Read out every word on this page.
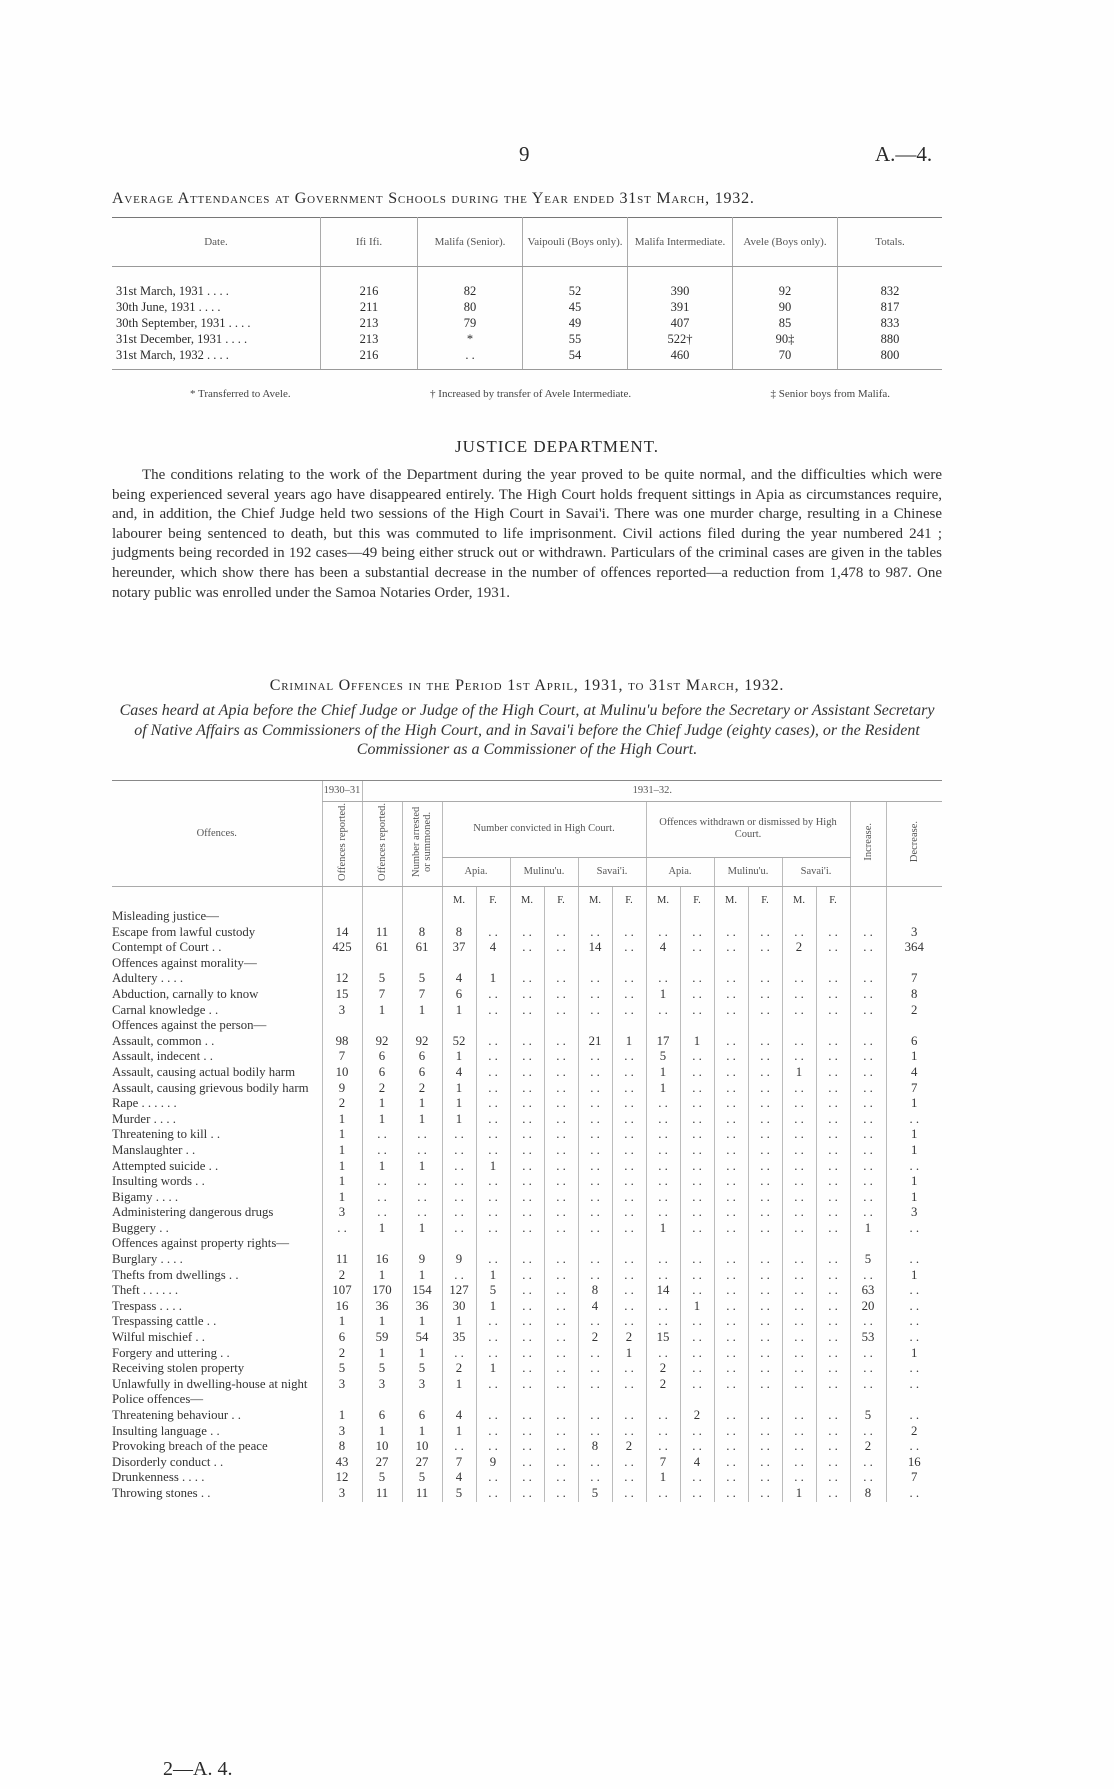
9	A.—4.
Average Attendances at Government Schools during the Year ended 31st March, 1932.
Date.	Ifi Ifi.	Malifa (Senior).	Vaipouli (Boys only).	Malifa Intermediate.	Avele (Boys only).	Totals.
31st March, 1931 . . . .	216	82	52	390	92	832
30th June, 1931 . . . .	211	80	45	391	90	817
30th September, 1931 . . . .	213	79	49	407	85	833
31st December, 1931 . . . .	213	*	55	522†	90‡	880
31st March, 1932 . . . .	216	. .	54	460	70	800
* Transferred to Avele.	† Increased by transfer of Avele Intermediate.	‡ Senior boys from Malifa.
JUSTICE DEPARTMENT.
The conditions relating to the work of the Department during the year proved to be quite normal, and the difficulties which were being experienced several years ago have disappeared entirely. The High Court holds frequent sittings in Apia as circumstances require, and, in addition, the Chief Judge held two sessions of the High Court in Savai'i. There was one murder charge, resulting in a Chinese labourer being sentenced to death, but this was commuted to life imprisonment. Civil actions filed during the year numbered 241 ; judgments being recorded in 192 cases—49 being either struck out or withdrawn. Particulars of the criminal cases are given in the tables hereunder, which show there has been a substantial decrease in the number of offences reported—a reduction from 1,478 to 987. One notary public was enrolled under the Samoa Notaries Order, 1931.
Criminal Offences in the Period 1st April, 1931, to 31st March, 1932.
Cases heard at Apia before the Chief Judge or Judge of the High Court, at Mulinu'u before the Secretary or Assistant Secretary of Native Affairs as Commissioners of the High Court, and in Savai'i before the Chief Judge (eighty cases), or the Resident Commissioner as a Commissioner of the High Court.
Offences.	1930–31	1931–32.															
	Offences reported.	Offences reported.	Number arrested or summoned.	Number convicted in High Court.						Offences withdrawn or dismissed by High Court.						Increase.	Decrease.
				Apia.		Mulinu'u.		Savai'i.		Apia.		Mulinu'u.		Savai'i.			
				M.	F.	M.	F.	M.	F.	M.	F.	M.	F.	M.	F.		
Misleading justice—																	
Escape from lawful custody	14	11	8	8	. .	. .	. .	. .	. .	. .	. .	. .	. .	. .	. .	. .	3
Contempt of Court . .	425	61	61	37	4	. .	. .	14	. .	4	. .	. .	. .	2	. .	. .	364
Offences against morality—																	
Adultery . . . .	12	5	5	4	1	. .	. .	. .	. .	. .	. .	. .	. .	. .	. .	. .	7
Abduction, carnally to know	15	7	7	6	. .	. .	. .	. .	. .	1	. .	. .	. .	. .	. .	. .	8
Carnal knowledge . .	3	1	1	1	. .	. .	. .	. .	. .	. .	. .	. .	. .	. .	. .	. .	2
Offences against the person—																	
Assault, common . .	98	92	92	52	. .	. .	. .	21	1	17	1	. .	. .	. .	. .	. .	6
Assault, indecent . .	7	6	6	1	. .	. .	. .	. .	. .	5	. .	. .	. .	. .	. .	. .	1
Assault, causing actual bodily harm	10	6	6	4	. .	. .	. .	. .	. .	1	. .	. .	. .	1	. .	. .	4
Assault, causing grievous bodily harm	9	2	2	1	. .	. .	. .	. .	. .	1	. .	. .	. .	. .	. .	. .	7
Rape . . . . . .	2	1	1	1	. .	. .	. .	. .	. .	. .	. .	. .	. .	. .	. .	. .	1
Murder . . . .	1	1	1	1	. .	. .	. .	. .	. .	. .	. .	. .	. .	. .	. .	. .	. .
Threatening to kill . .	1	. .	. .	. .	. .	. .	. .	. .	. .	. .	. .	. .	. .	. .	. .	. .	1
Manslaughter . .	1	. .	. .	. .	. .	. .	. .	. .	. .	. .	. .	. .	. .	. .	. .	. .	1
Attempted suicide . .	1	1	1	. .	1	. .	. .	. .	. .	. .	. .	. .	. .	. .	. .	. .	. .
Insulting words . .	1	. .	. .	. .	. .	. .	. .	. .	. .	. .	. .	. .	. .	. .	. .	. .	1
Bigamy . . . .	1	. .	. .	. .	. .	. .	. .	. .	. .	. .	. .	. .	. .	. .	. .	. .	1
Administering dangerous drugs	3	. .	. .	. .	. .	. .	. .	. .	. .	. .	. .	. .	. .	. .	. .	. .	3
Buggery . .	. .	1	1	. .	. .	. .	. .	. .	. .	1	. .	. .	. .	. .	. .	1	. .
Offences against property rights—																	
Burglary . . . .	11	16	9	9	. .	. .	. .	. .	. .	. .	. .	. .	. .	. .	. .	5	. .
Thefts from dwellings . .	2	1	1	. .	1	. .	. .	. .	. .	. .	. .	. .	. .	. .	. .	. .	1
Theft . . . . . .	107	170	154	127	5	. .	. .	8	. .	14	. .	. .	. .	. .	. .	63	. .
Trespass . . . .	16	36	36	30	1	. .	. .	4	. .	. .	1	. .	. .	. .	. .	20	. .
Trespassing cattle . .	1	1	1	1	. .	. .	. .	. .	. .	. .	. .	. .	. .	. .	. .	. .	. .
Wilful mischief . .	6	59	54	35	. .	. .	. .	2	2	15	. .	. .	. .	. .	. .	53	. .
Forgery and uttering . .	2	1	1	. .	. .	. .	. .	. .	1	. .	. .	. .	. .	. .	. .	. .	1
Receiving stolen property	5	5	5	2	1	. .	. .	. .	. .	2	. .	. .	. .	. .	. .	. .	. .
Unlawfully in dwelling-house at night	3	3	3	1	. .	. .	. .	. .	. .	2	. .	. .	. .	. .	. .	. .	. .
Police offences—																	
Threatening behaviour . .	1	6	6	4	. .	. .	. .	. .	. .	. .	2	. .	. .	. .	. .	5	. .
Insulting language . .	3	1	1	1	. .	. .	. .	. .	. .	. .	. .	. .	. .	. .	. .	. .	2
Provoking breach of the peace	8	10	10	. .	. .	. .	. .	8	2	. .	. .	. .	. .	. .	. .	2	. .
Disorderly conduct . .	43	27	27	7	9	. .	. .	. .	. .	7	4	. .	. .	. .	. .	. .	16
Drunkenness . . . .	12	5	5	4	. .	. .	. .	. .	. .	1	. .	. .	. .	. .	. .	. .	7
Throwing stones . .	3	11	11	5	. .	. .	. .	5	. .	. .	. .	. .	. .	1	. .	8	. .
2—A. 4.
